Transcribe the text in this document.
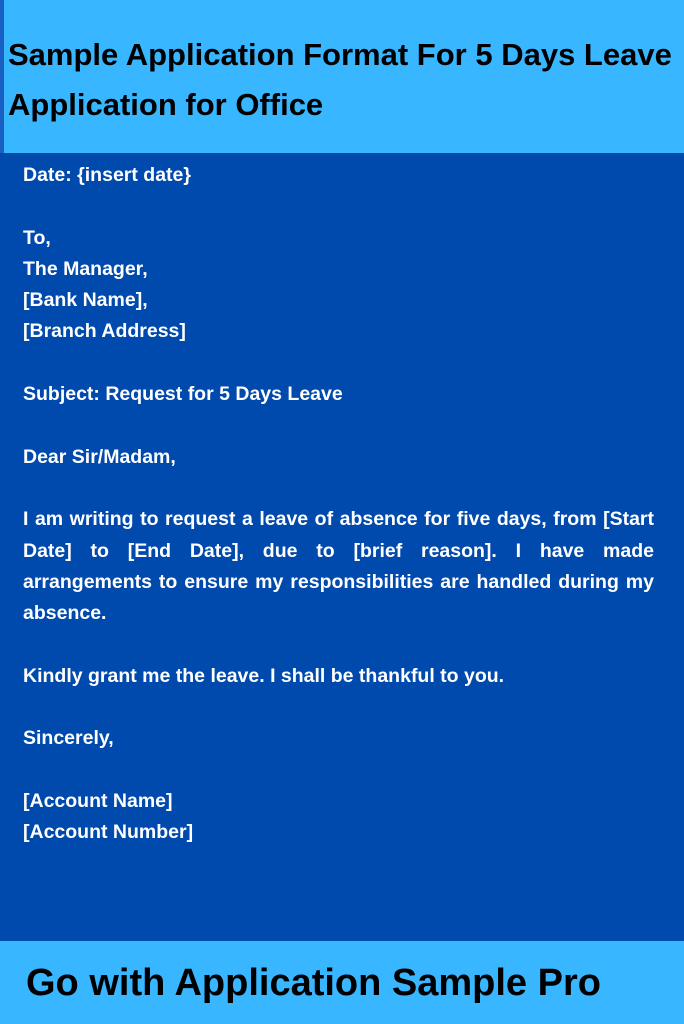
Sample Application Format For 5 Days Leave Application for Office

Date: {insert date}

To,

The Manager,

[Bank Name],

[Branch Address]

Subject: Request for 5 Days Leave

Dear Sir/Madam,

I am writing to request a leave of absence for five days, from [Start Date] to [End Date], due to [brief reason]. I have made arrangements to ensure my responsibilities are handled during my absence.

Kindly grant me the leave. I shall be thankful to you.

Sincerely,

[Account Name]

[Account Number]

Go with Application Sample Pro
